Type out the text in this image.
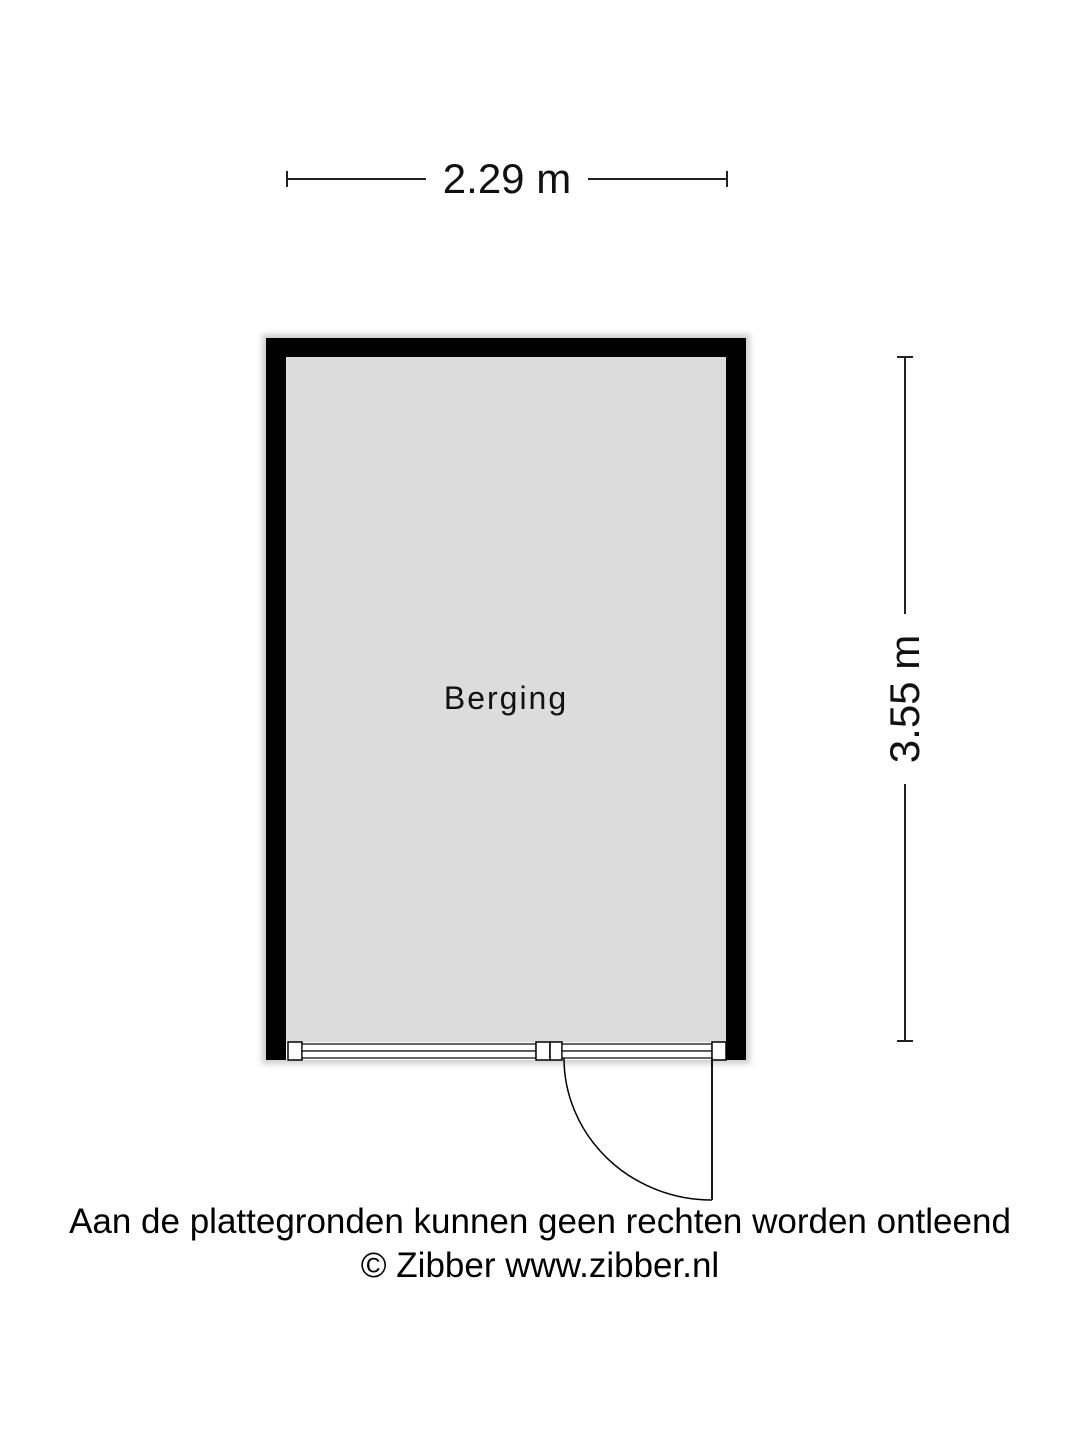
2.29 m
Berging	3.55 m
Aan de plattegronden kunnen geen rechten worden ontleend
© Zibber www.zibber.nl
